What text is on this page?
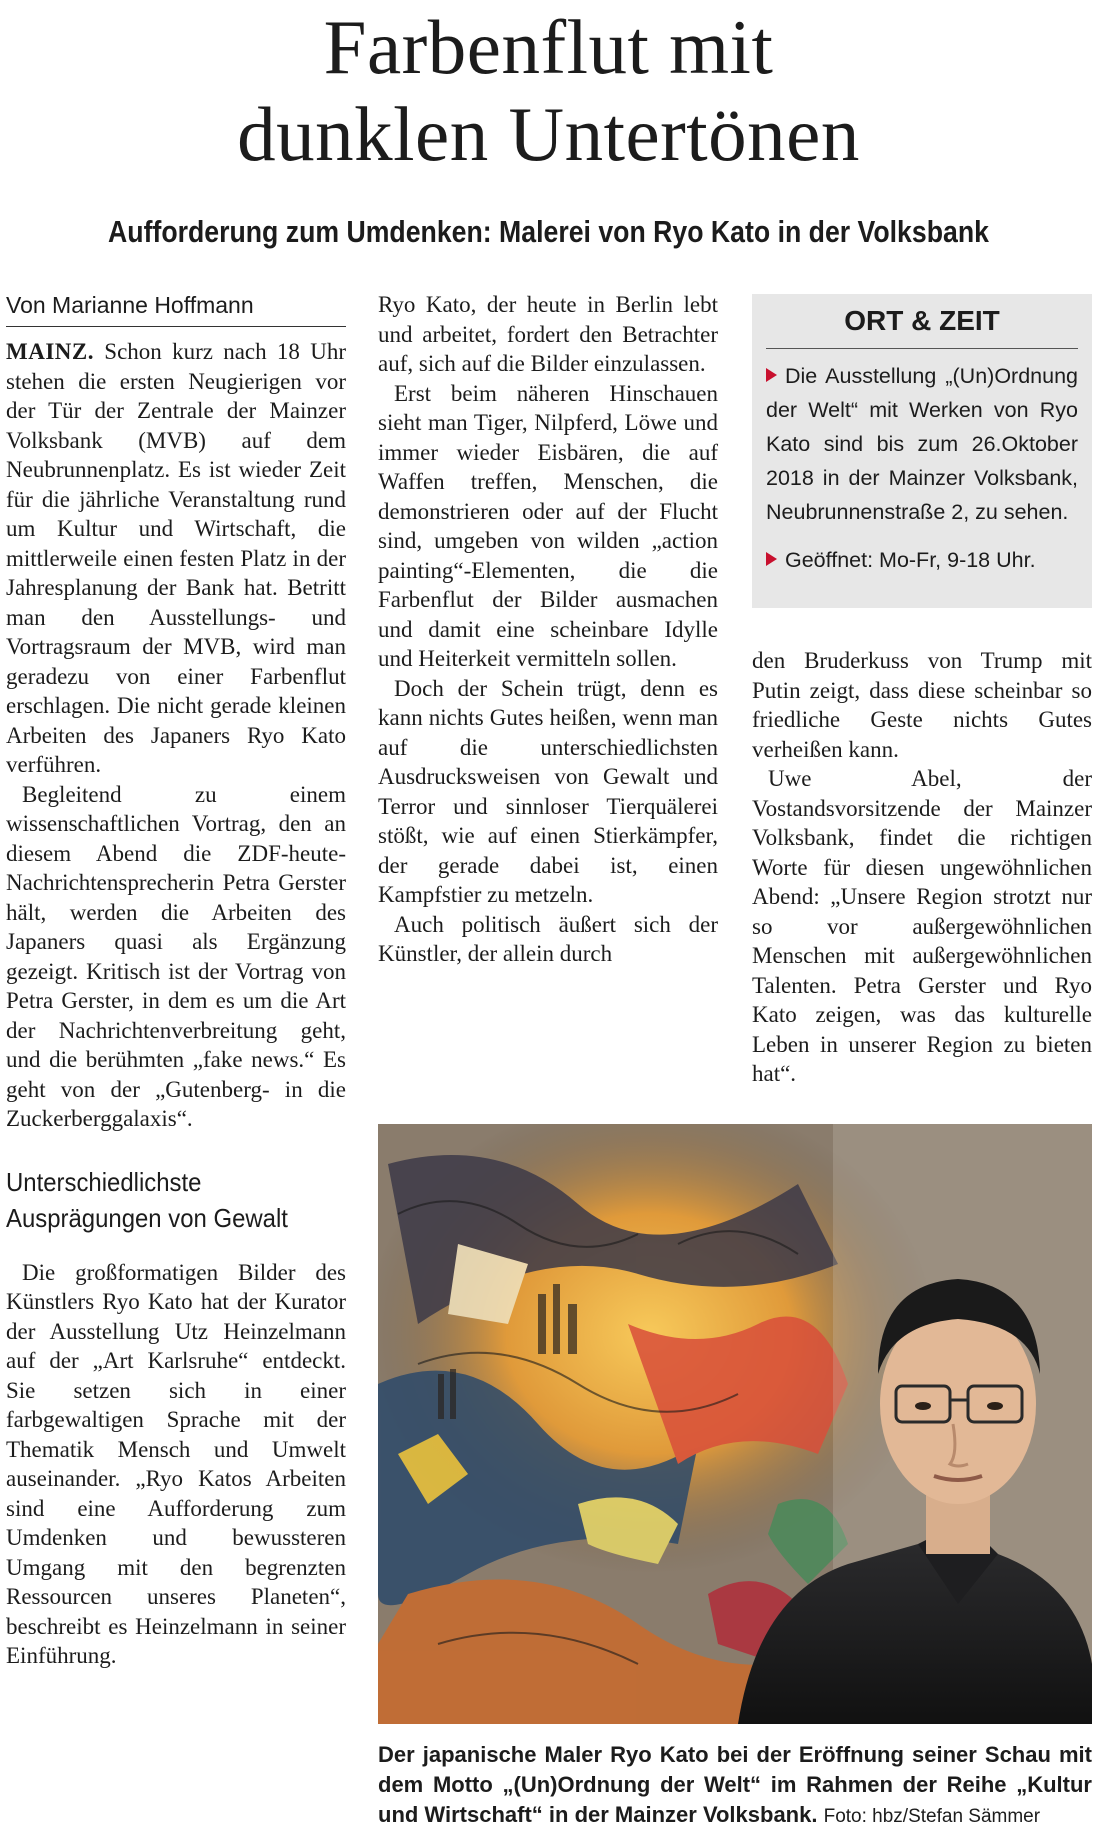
Farbenflut mit
dunklen Untertönen
Aufforderung zum Umdenken: Malerei von Ryo Kato in der Volksbank
Von Marianne Hoffmann

MAINZ. Schon kurz nach 18 Uhr stehen die ersten Neugierigen vor der Tür der Zentrale der Mainzer Volksbank (MVB) auf dem Neubrunnenplatz. Es ist wieder Zeit für die jährliche Veranstaltung rund um Kultur und Wirtschaft, die mittlerweile einen festen Platz in der Jahresplanung der Bank hat. Betritt man den Ausstellungs- und Vortragsraum der MVB, wird man geradezu von einer Farbenflut erschlagen. Die nicht gerade kleinen Arbeiten des Japaners Ryo Kato verführen.

Begleitend zu einem wissenschaftlichen Vortrag, den an diesem Abend die ZDF-heute-Nachrichtensprecherin Petra Gerster hält, werden die Arbeiten des Japaners quasi als Ergänzung gezeigt. Kritisch ist der Vortrag von Petra Gerster, in dem es um die Art der Nachrichtenverbreitung geht, und die berühmten „fake news.“ Es geht von der „Gutenberg- in die Zuckerberggalaxis“.

Unterschiedlichste Ausprägungen von Gewalt

Die großformatigen Bilder des Künstlers Ryo Kato hat der Kurator der Ausstellung Utz Heinzelmann auf der „Art Karlsruhe“ entdeckt. Sie setzen sich in einer farbgewaltigen Sprache mit der Thematik Mensch und Umwelt auseinander. „Ryo Katos Arbeiten sind eine Aufforderung zum Umdenken und bewussteren Umgang mit den begrenzten Ressourcen unseres Planeten“, beschreibt es Heinzelmann in seiner Einführung.

Ryo Kato, der heute in Berlin lebt und arbeitet, fordert den Betrachter auf, sich auf die Bilder einzulassen.

Erst beim näheren Hinschauen sieht man Tiger, Nilpferd, Löwe und immer wieder Eisbären, die auf Waffen treffen, Menschen, die demonstrieren oder auf der Flucht sind, umgeben von wilden „action painting“-Elementen, die die Farbenflut der Bilder ausmachen und damit eine scheinbare Idylle und Heiterkeit vermitteln sollen.

Doch der Schein trügt, denn es kann nichts Gutes heißen, wenn man auf die unterschiedlichsten Ausdrucksweisen von Gewalt und Terror und sinnloser Tierquälerei stößt, wie auf einen Stierkämpfer, der gerade dabei ist, einen Kampfstier zu metzeln.

Auch politisch äußert sich der Künstler, der allein durch

ORT & ZEIT

Die Ausstellung „(Un)Ordnung der Welt“ mit Werken von Ryo Kato sind bis zum 26.Oktober 2018 in der Mainzer Volksbank, Neubrunnenstraße 2, zu sehen.

Geöffnet: Mo-Fr, 9-18 Uhr.

den Bruderkuss von Trump mit Putin zeigt, dass diese scheinbar so friedliche Geste nichts Gutes verheißen kann.

Uwe Abel, der Vostandsvorsitzende der Mainzer Volksbank, findet die richtigen Worte für diesen ungewöhnlichen Abend: „Unsere Region strotzt nur so vor außergewöhnlichen Menschen mit außergewöhnlichen Talenten. Petra Gerster und Ryo Kato zeigen, was das kulturelle Leben in unserer Region zu bieten hat“.

Der japanische Maler Ryo Kato bei der Eröffnung seiner Schau mit dem Motto „(Un)Ordnung der Welt“ im Rahmen der Reihe „Kultur und Wirtschaft“ in der Mainzer Volksbank. Foto: hbz/Stefan Sämmer
